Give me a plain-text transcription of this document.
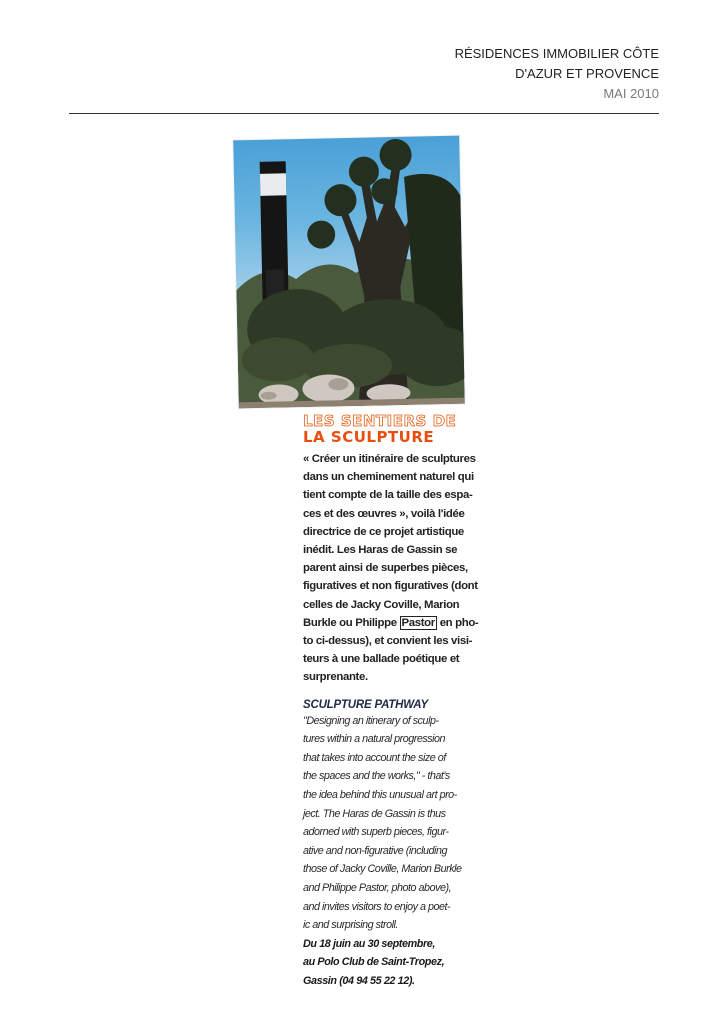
RÉSIDENCES IMMOBILIER CÔTE
D'AZUR ET PROVENCE
MAI 2010
LES SENTIERS DE
LA SCULPTURE
« Créer un itinéraire de sculptures
dans un cheminement naturel qui
tient compte de la taille des espa-
ces et des œuvres », voilà l'idée
directrice de ce projet artistique
inédit. Les Haras de Gassin se
parent ainsi de superbes pièces,
figuratives et non figuratives (dont
celles de Jacky Coville, Marion
Burkle ou Philippe Pastor en pho-
to ci-dessus), et convient les visi-
teurs à une ballade poétique et
surprenante.
SCULPTURE PATHWAY
"Designing an itinerary of sculp-
tures within a natural progression
that takes into account the size of
the spaces and the works," - that's
the idea behind this unusual art pro-
ject. The Haras de Gassin is thus
adorned with superb pieces, figur-
ative and non-figurative (including
those of Jacky Coville, Marion Burkle
and Philippe Pastor, photo above),
and invites visitors to enjoy a poet-
ic and surprising stroll.
Du 18 juin au 30 septembre,
au Polo Club de Saint-Tropez,
Gassin (04 94 55 22 12).
